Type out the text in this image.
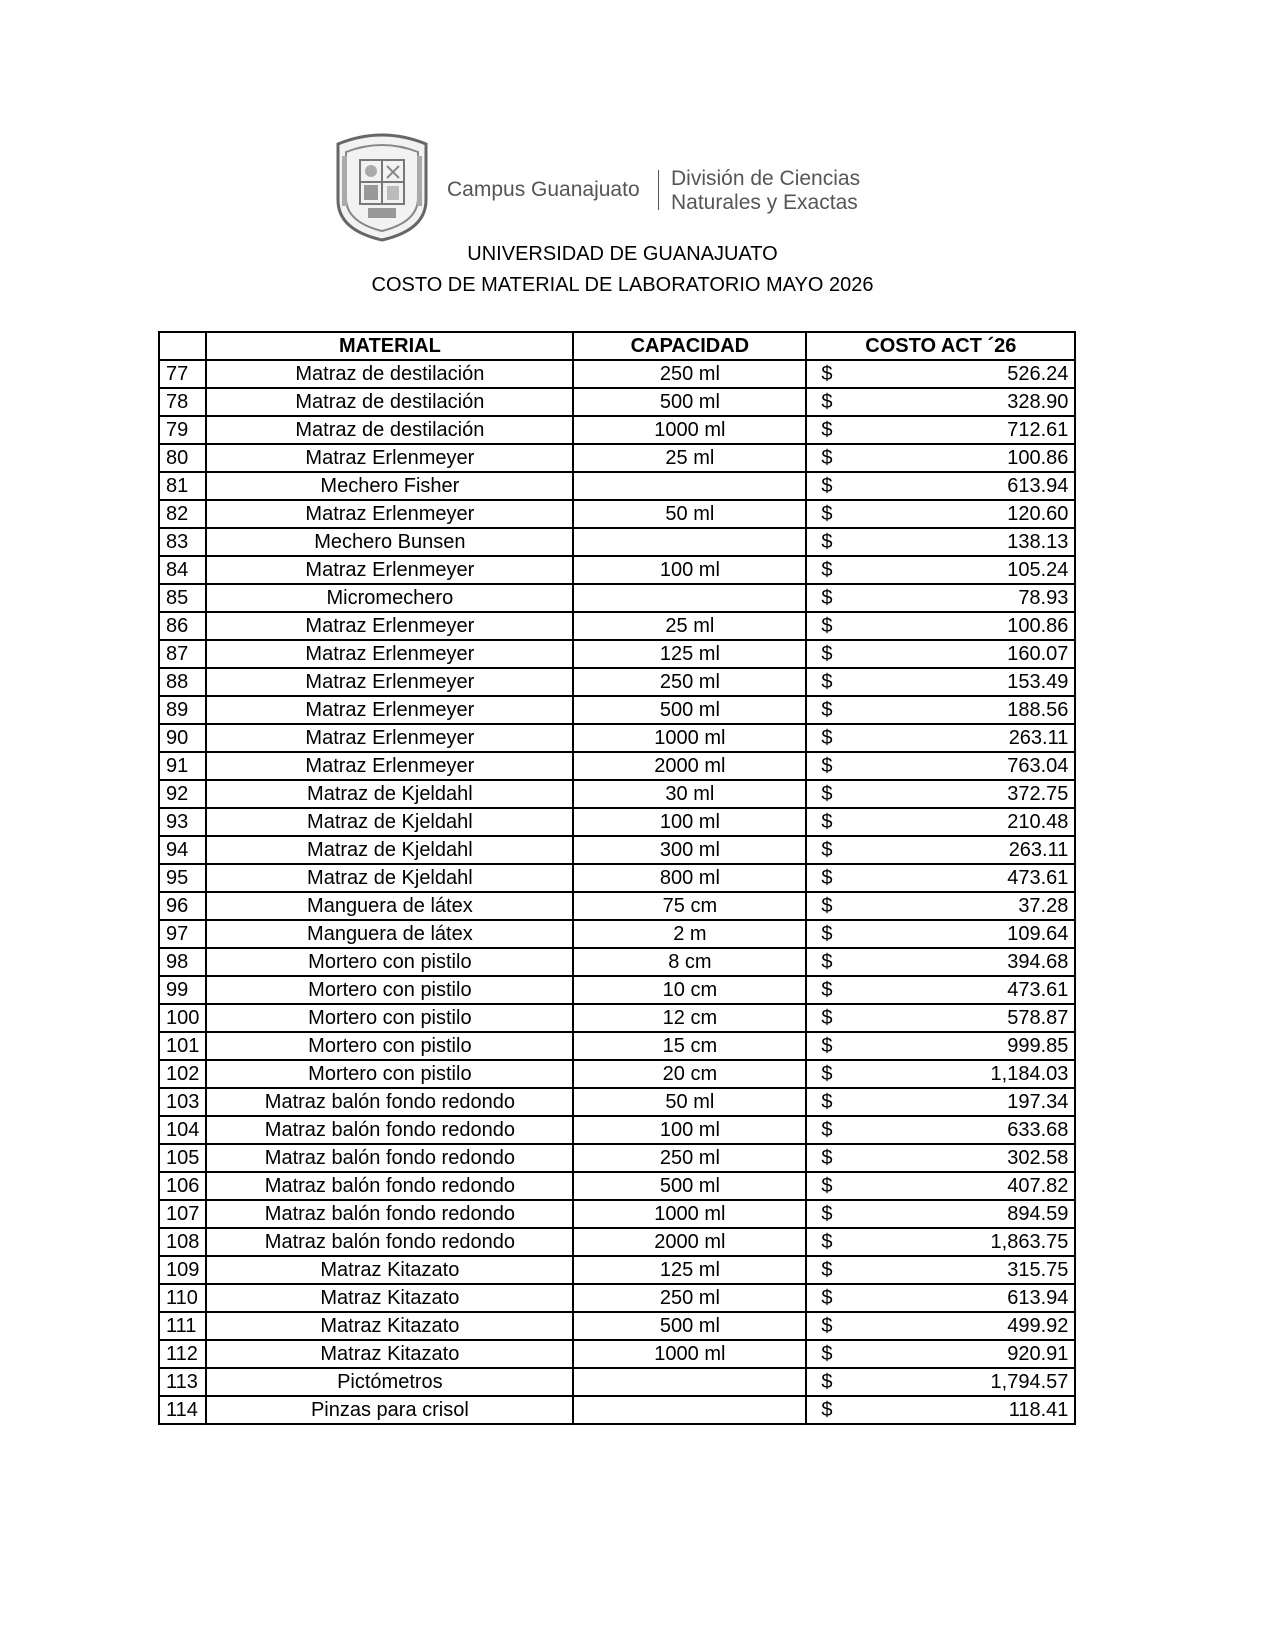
Campus Guanajuato División de Ciencias
Naturales y Exactas
UNIVERSIDAD DE GUANAJUATO
COSTO DE MATERIAL DE LABORATORIO MAYO 2026
	MATERIAL	CAPACIDAD	COSTO ACT ´26
77	Matraz de destilación	250 ml	$ 526.24

78	Matraz de destilación	500 ml	$ 328.90

79	Matraz de destilación	1000 ml	$ 712.61

80	Matraz Erlenmeyer	25 ml	$ 100.86

81	Mechero Fisher		$ 613.94

82	Matraz Erlenmeyer	50 ml	$ 120.60

83	Mechero Bunsen		$ 138.13

84	Matraz Erlenmeyer	100 ml	$ 105.24

85	Micromechero		$ 78.93

86	Matraz Erlenmeyer	25 ml	$ 100.86

87	Matraz Erlenmeyer	125 ml	$ 160.07

88	Matraz Erlenmeyer	250 ml	$ 153.49

89	Matraz Erlenmeyer	500 ml	$ 188.56

90	Matraz Erlenmeyer	1000 ml	$ 263.11

91	Matraz Erlenmeyer	2000 ml	$ 763.04

92	Matraz de Kjeldahl	30 ml	$ 372.75

93	Matraz de Kjeldahl	100 ml	$ 210.48

94	Matraz de Kjeldahl	300 ml	$ 263.11

95	Matraz de Kjeldahl	800 ml	$ 473.61

96	Manguera de látex	75 cm	$ 37.28

97	Manguera de látex	2 m	$ 109.64

98	Mortero con pistilo	8 cm	$ 394.68

99	Mortero con pistilo	10 cm	$ 473.61

100	Mortero con pistilo	12 cm	$ 578.87

101	Mortero con pistilo	15 cm	$ 999.85

102	Mortero con pistilo	20 cm	$ 1,184.03

103	Matraz balón fondo redondo	50 ml	$ 197.34

104	Matraz balón fondo redondo	100 ml	$ 633.68

105	Matraz balón fondo redondo	250 ml	$ 302.58

106	Matraz balón fondo redondo	500 ml	$ 407.82

107	Matraz balón fondo redondo	1000 ml	$ 894.59

108	Matraz balón fondo redondo	2000 ml	$ 1,863.75

109	Matraz Kitazato	125 ml	$ 315.75

110	Matraz Kitazato	250 ml	$ 613.94

111	Matraz Kitazato	500 ml	$ 499.92

112	Matraz Kitazato	1000 ml	$ 920.91

113	Pictómetros		$ 1,794.57

114	Pinzas para crisol		$ 118.41
